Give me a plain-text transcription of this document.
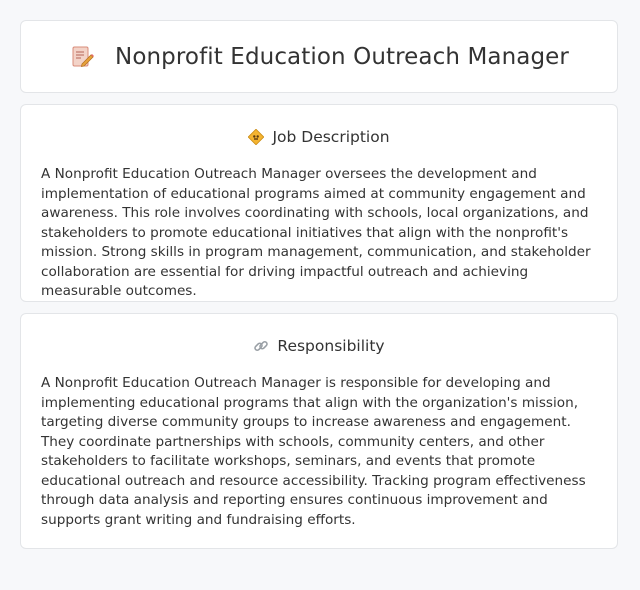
Nonprofit Education Outreach Manager
Job Description

A Nonprofit Education Outreach Manager oversees the development and implementation of educational programs aimed at community engagement and awareness. This role involves coordinating with schools, local organizations, and stakeholders to promote educational initiatives that align with the nonprofit's mission. Strong skills in program management, communication, and stakeholder collaboration are essential for driving impactful outreach and achieving measurable outcomes.

Responsibility

A Nonprofit Education Outreach Manager is responsible for developing and implementing educational programs that align with the organization's mission, targeting diverse community groups to increase awareness and engagement. They coordinate partnerships with schools, community centers, and other stakeholders to facilitate workshops, seminars, and events that promote educational outreach and resource accessibility. Tracking program effectiveness through data analysis and reporting ensures continuous improvement and supports grant writing and fundraising efforts.
